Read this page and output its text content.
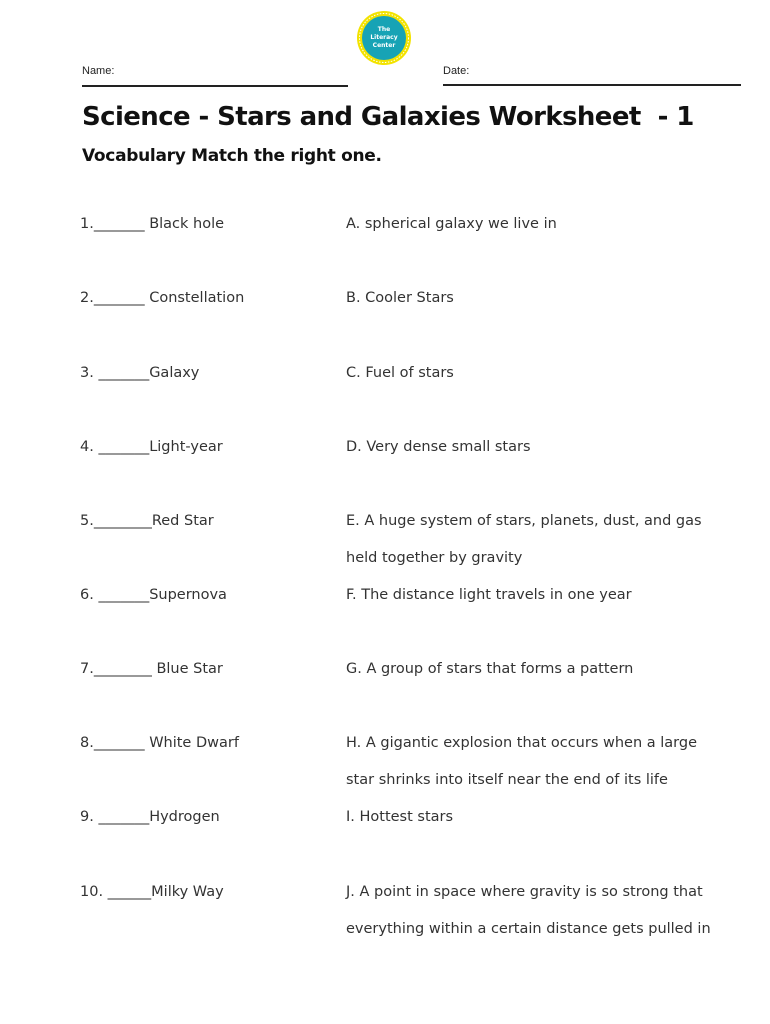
The
Literacy
Center
Name:	Date:
Science - Stars and Galaxies Worksheet  - 1
Vocabulary Match the right one.
1._______ Black hole
2._______ Constellation
3. _______Galaxy
4. _______Light-year
5.________Red Star
6. _______Supernova
7.________ Blue Star
8._______ White Dwarf
9. _______Hydrogen
10. ______Milky Way
A. spherical galaxy we live in
B. Cooler Stars
C. Fuel of stars
D. Very dense small stars
E. A huge system of stars, planets, dust, and gas
held together by gravity
F. The distance light travels in one year
G. A group of stars that forms a pattern
H. A gigantic explosion that occurs when a large
star shrinks into itself near the end of its life
I. Hottest stars
J. A point in space where gravity is so strong that
everything within a certain distance gets pulled in
